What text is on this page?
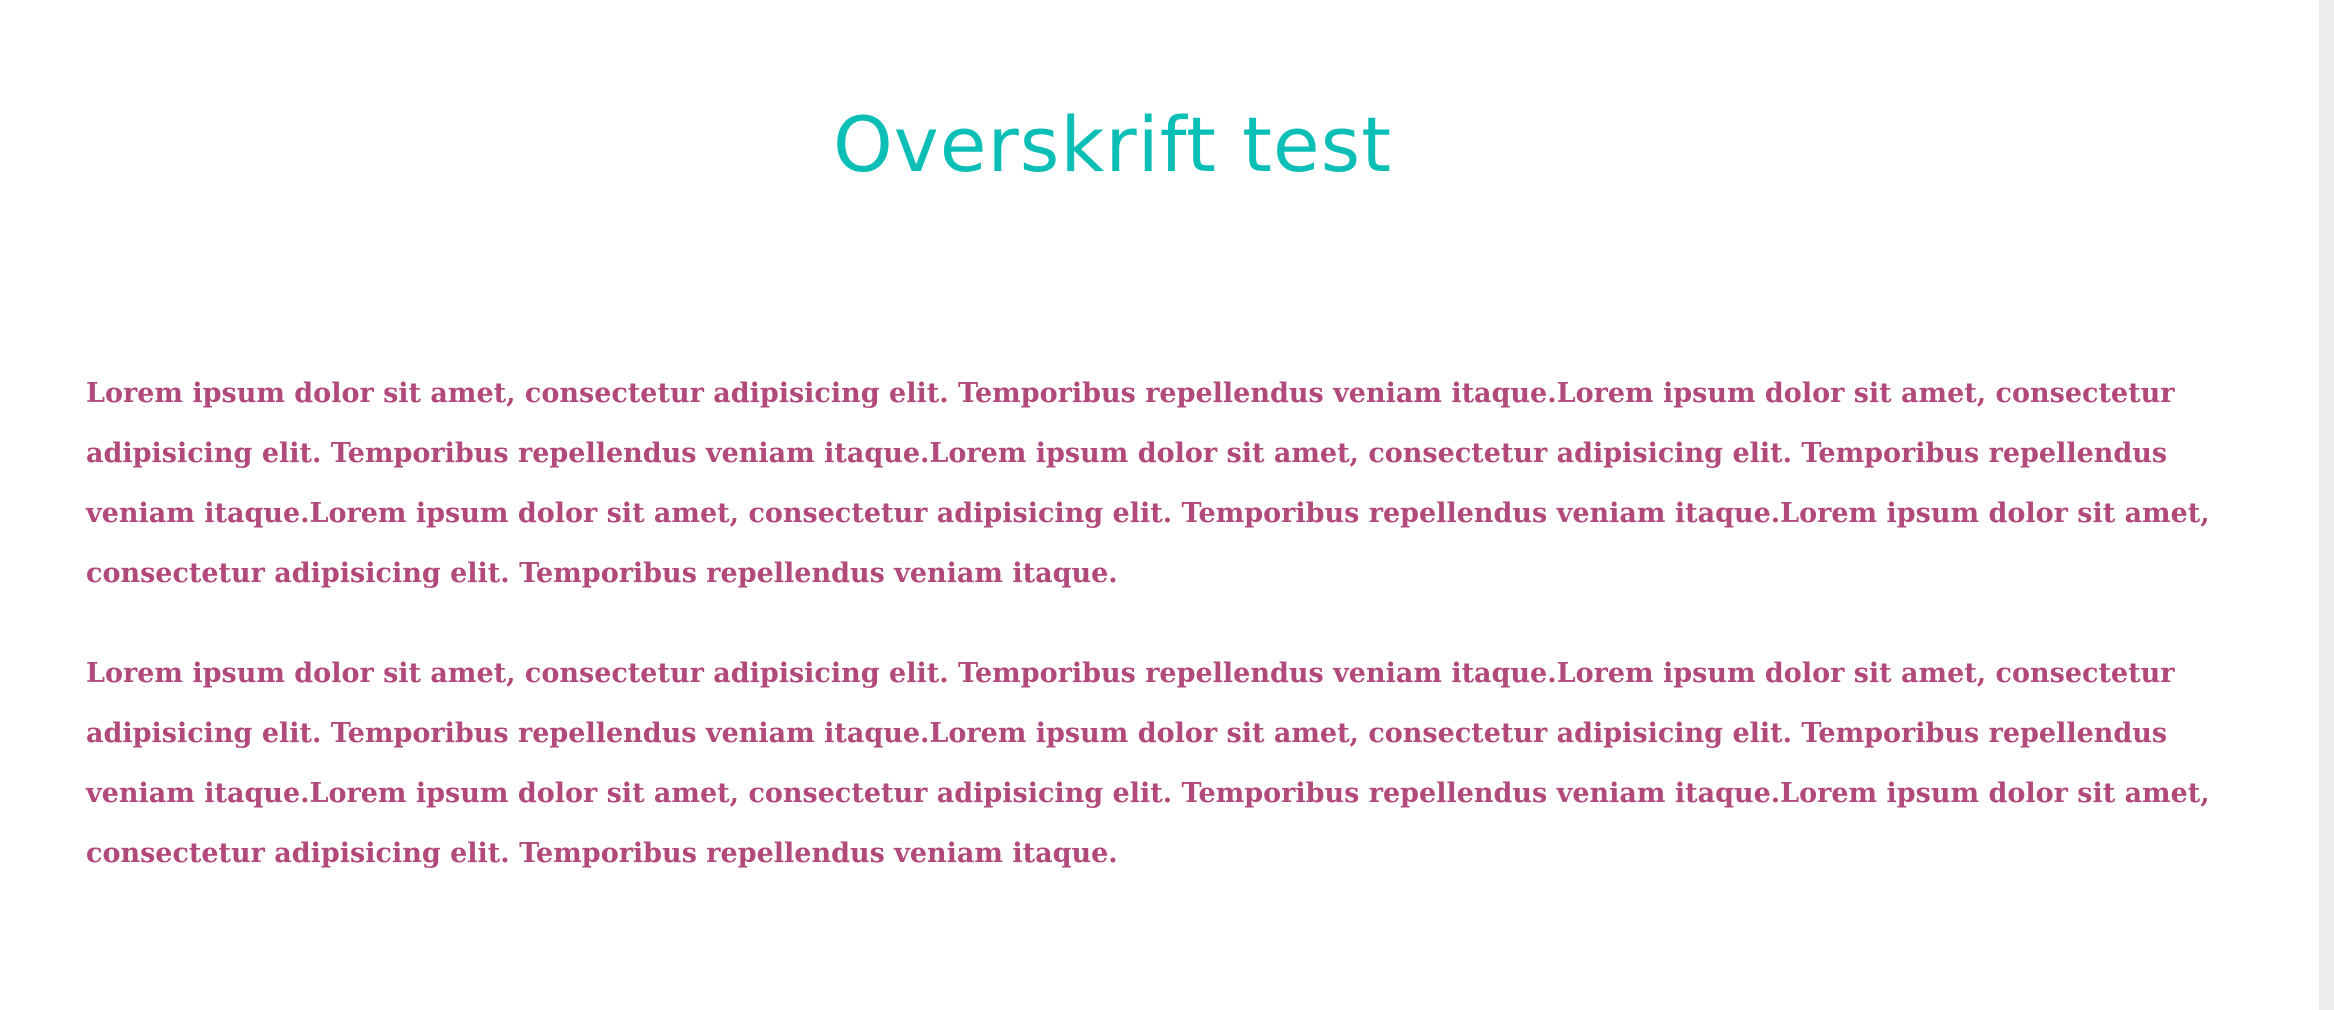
Overskrift test

Lorem ipsum dolor sit amet, consectetur adipisicing elit. Temporibus repellendus veniam itaque.Lorem ipsum dolor sit amet, consectetur adipisicing elit. Temporibus repellendus veniam itaque.Lorem ipsum dolor sit amet, consectetur adipisicing elit. Temporibus repellendus veniam itaque.Lorem ipsum dolor sit amet, consectetur adipisicing elit. Temporibus repellendus veniam itaque.Lorem ipsum dolor sit amet, consectetur adipisicing elit. Temporibus repellendus veniam itaque.

Lorem ipsum dolor sit amet, consectetur adipisicing elit. Temporibus repellendus veniam itaque.Lorem ipsum dolor sit amet, consectetur adipisicing elit. Temporibus repellendus veniam itaque.Lorem ipsum dolor sit amet, consectetur adipisicing elit. Temporibus repellendus veniam itaque.Lorem ipsum dolor sit amet, consectetur adipisicing elit. Temporibus repellendus veniam itaque.Lorem ipsum dolor sit amet, consectetur adipisicing elit. Temporibus repellendus veniam itaque.
